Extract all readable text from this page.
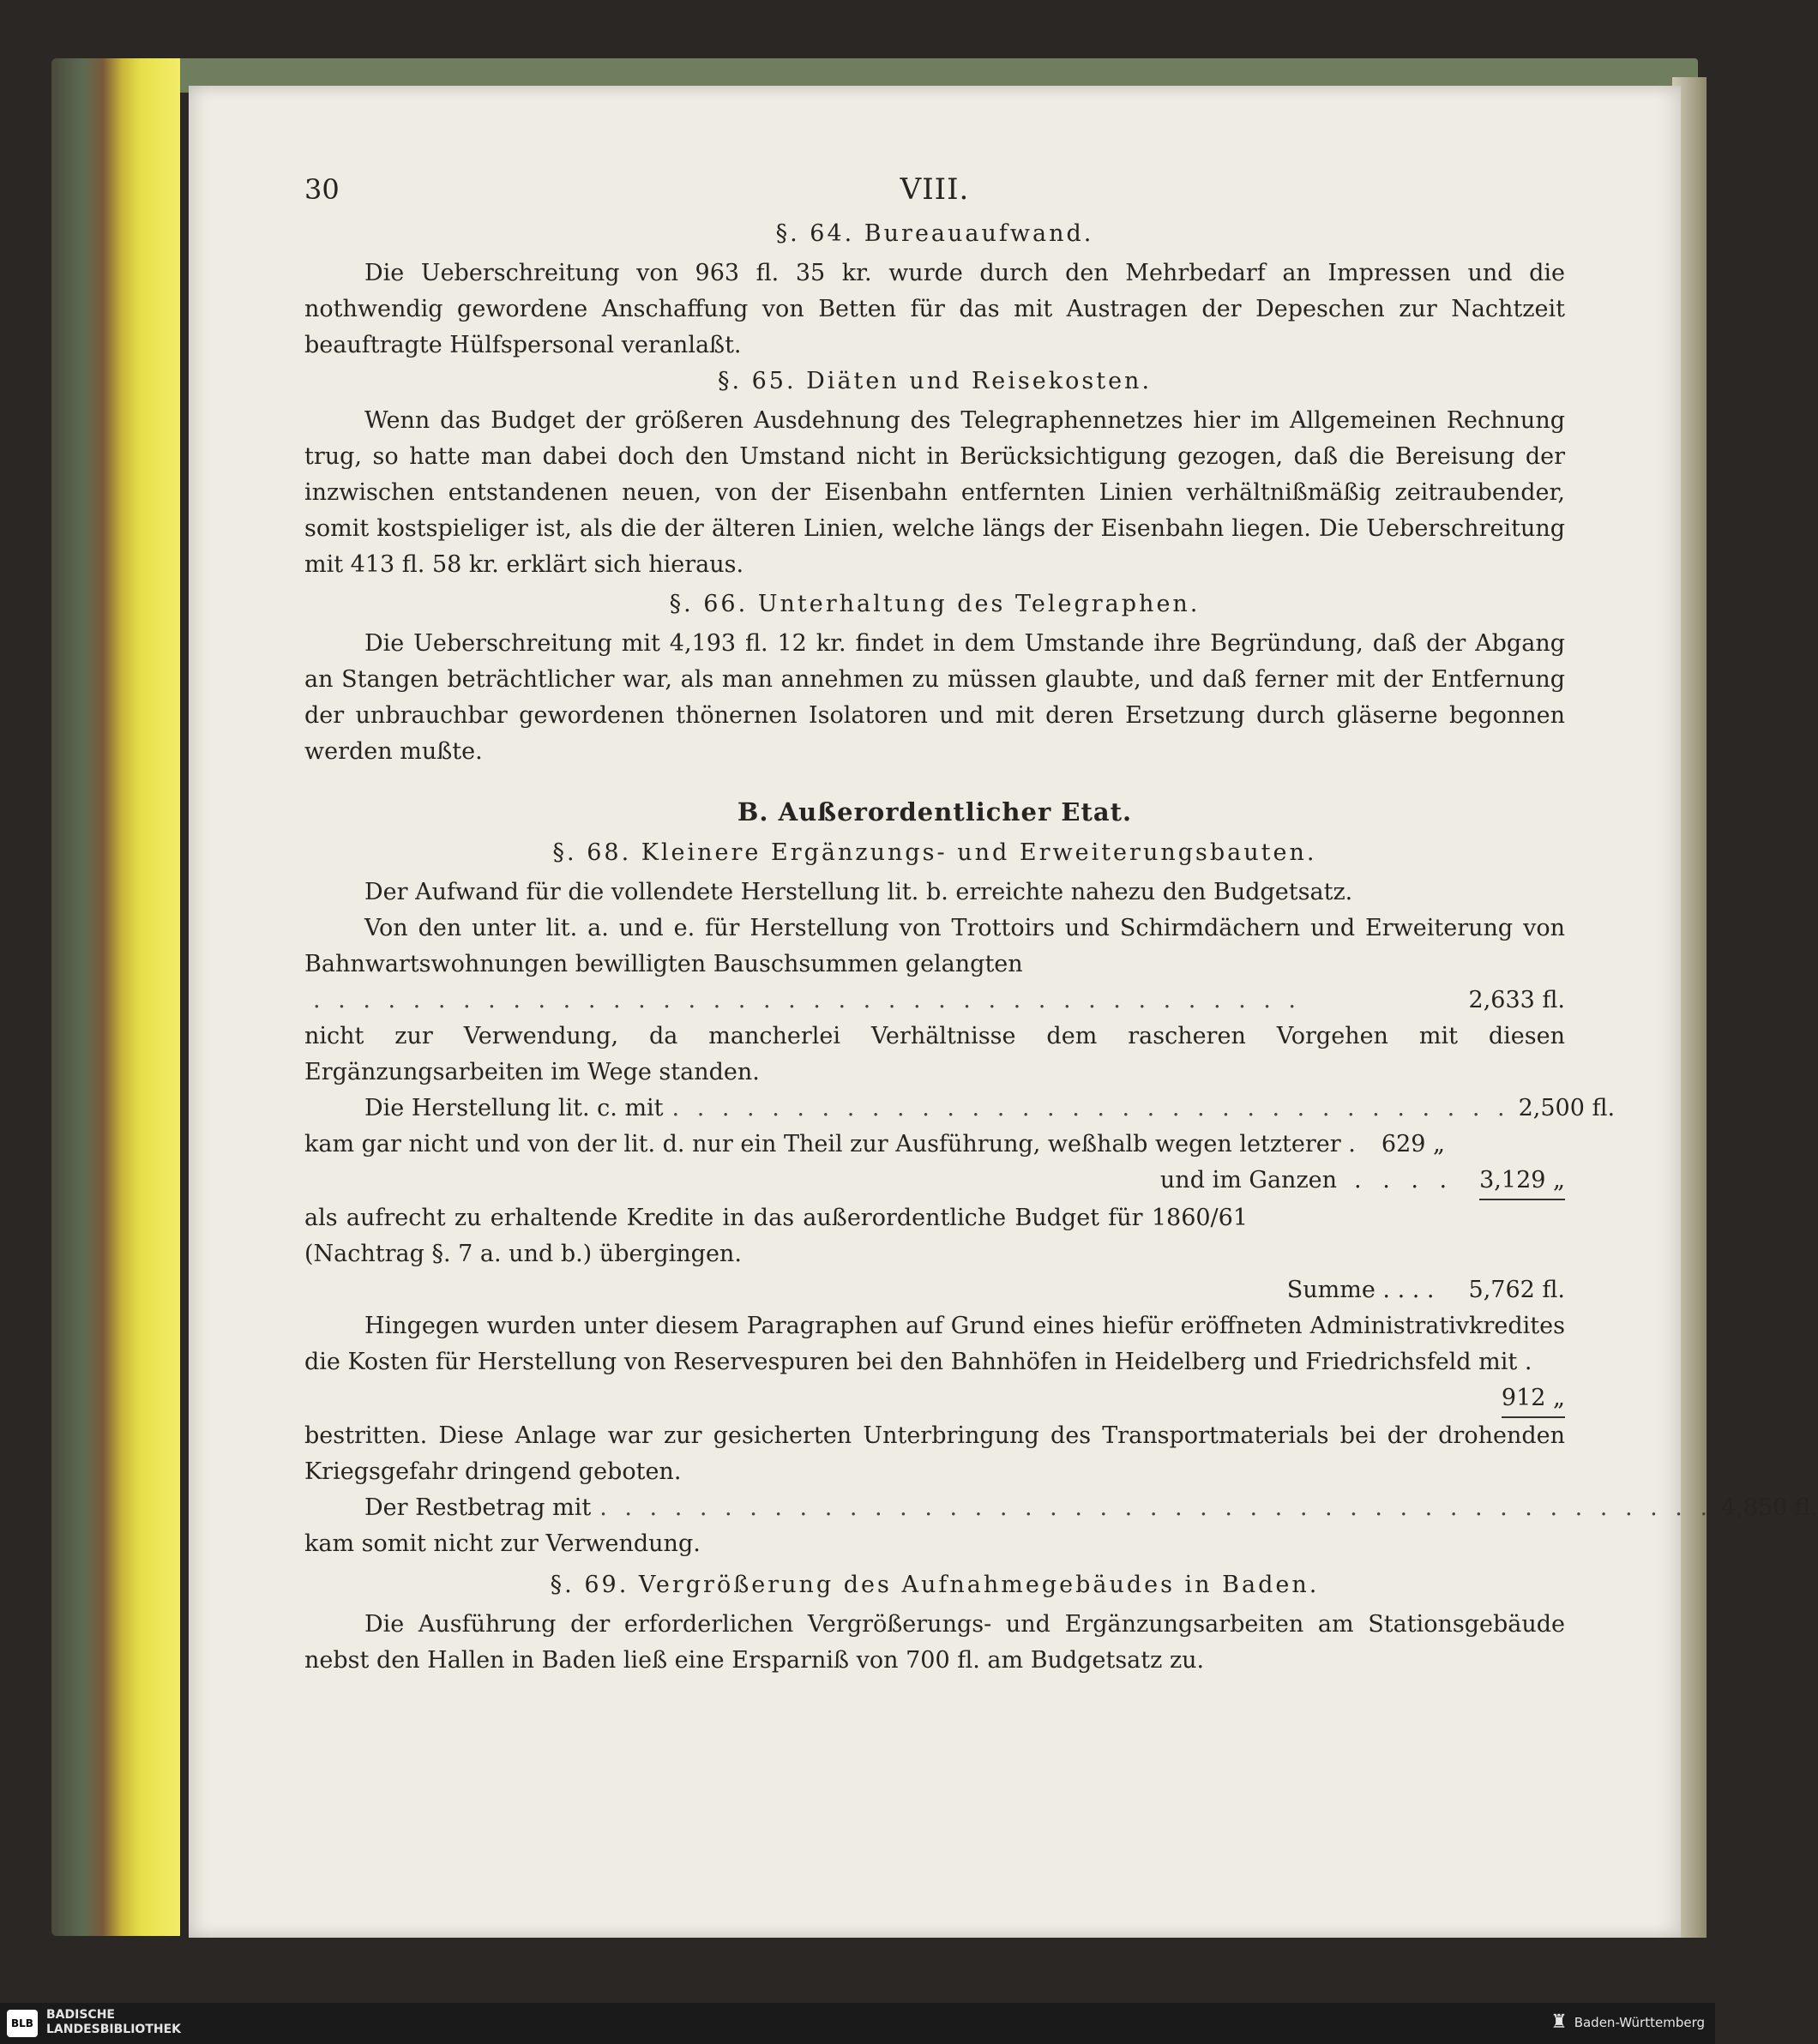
30	VIII.
§. 64. Bureauaufwand.

Die Ueberschreitung von 963 fl. 35 kr. wurde durch den Mehrbedarf an Impressen und die nothwendig gewordene Anschaffung von Betten für das mit Austragen der Depeschen zur Nachtzeit beauftragte Hülfspersonal veranlaßt.

§. 65. Diäten und Reisekosten.

Wenn das Budget der größeren Ausdehnung des Telegraphennetzes hier im Allgemeinen Rechnung trug, so hatte man dabei doch den Umstand nicht in Berücksichtigung gezogen, daß die Bereisung der inzwischen entstandenen neuen, von der Eisenbahn entfernten Linien verhältnißmäßig zeitraubender, somit kostspieliger ist, als die der älteren Linien, welche längs der Eisenbahn liegen. Die Ueberschreitung mit 413 fl. 58 kr. erklärt sich hieraus.

§. 66. Unterhaltung des Telegraphen.

Die Ueberschreitung mit 4,193 fl. 12 kr. findet in dem Umstande ihre Begründung, daß der Abgang an Stangen beträchtlicher war, als man annehmen zu müssen glaubte, und daß ferner mit der Entfernung der unbrauchbar gewordenen thönernen Isolatoren und mit deren Ersetzung durch gläserne begonnen werden mußte.

B. Außerordentlicher Etat.
§. 68. Kleinere Ergänzungs- und Erweiterungsbauten.

Der Aufwand für die vollendete Herstellung lit. b. erreichte nahezu den Budgetsatz.

Von den unter lit. a. und e. für Herstellung von Trottoirs und Schirmdächern und Erweiterung von Bahnwartswohnungen bewilligten Bauschsummen gelangten

. . . . . . . . . . . . . . . . . . . . . . . . . . . . . . . . . . . . . . . .	2,633 fl.

nicht zur Verwendung, da mancherlei Verhältnisse dem rascheren Vorgehen mit diesen Ergänzungsarbeiten im Wege standen.

Die Herstellung lit. c. mit . . . . . . . . . . . . . . . . . . . . . . . . . . . . . . . . . . 2,500 fl.
kam gar nicht und von der lit. d. nur ein Theil zur Ausführung, weßhalb wegen letzterer . 629 „
und im Ganzen . . . . 3,129 „

als aufrecht zu erhaltende Kredite in das außerordentliche Budget für 1860/61 (Nachtrag §. 7 a. und b.) übergingen.

Summe . . . . 5,762 fl.

Hingegen wurden unter diesem Paragraphen auf Grund eines hiefür eröffneten Administrativkredites die Kosten für Herstellung von Reservespuren bei den Bahnhöfen in Heidelberg und Friedrichsfeld mit .

912 „

bestritten. Diese Anlage war zur gesicherten Unterbringung des Transportmaterials bei der drohenden Kriegsgefahr dringend geboten.

Der Restbetrag mit . . . . . . . . . . . . . . . . . . . . . . . . . . . . . . . . . . . . . . . . . . . . . 4,850 fl.

kam somit nicht zur Verwendung.

§. 69. Vergrößerung des Aufnahmegebäudes in Baden.

Die Ausführung der erforderlichen Vergrößerungs- und Ergänzungsarbeiten am Stationsgebäude nebst den Hallen in Baden ließ eine Ersparniß von 700 fl. am Budgetsatz zu.

BLB
BADISCHE
LANDESBIBLIOTHEK	♜ Baden-Württemberg
